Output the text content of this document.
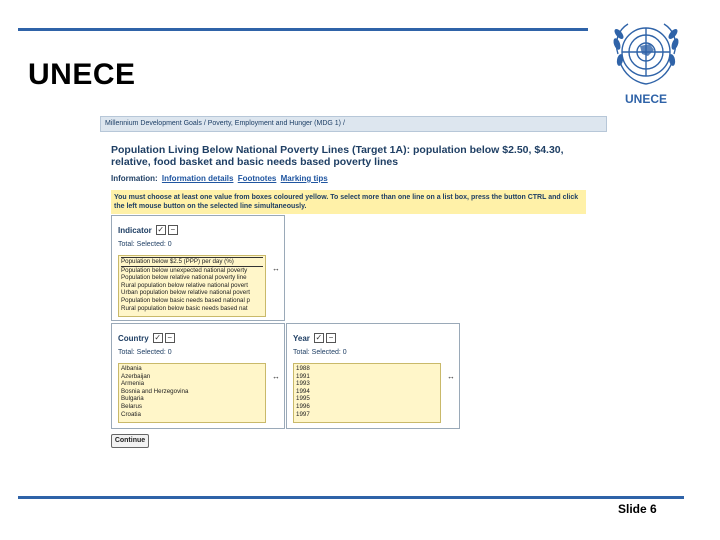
UNECE
UNECE
Millennium Development Goals / Poverty, Employment and Hunger (MDG 1) /
Population Living Below National Poverty Lines (Target 1A): population below $2.50, $4.30, relative, food basket and basic needs based poverty lines
Information: Information details Footnotes Marking tips
You must choose at least one value from boxes coloured yellow. To select more than one line on a list box, press the button CTRL and click the left mouse button on the selected line simultaneously.
Indicator ✓ −
Total: Selected: 0
Population below $2.5 (PPP) per day (%)
Population below unexpected national poverty
Population below relative national poverty line
Rural population below relative national povert
Urban population below relative national povert
Population below basic needs based national p
Rural population below basic needs based nat
↔
Country ✓ −
Total: Selected: 0
Albania
Azerbaijan
Armenia
Bosnia and Herzegovina
Bulgaria
Belarus
Croatia
↔
Year ✓ −
Total: Selected: 0
1988
1991
1993
1994
1995
1996
1997
↔
Continue
Slide 6
